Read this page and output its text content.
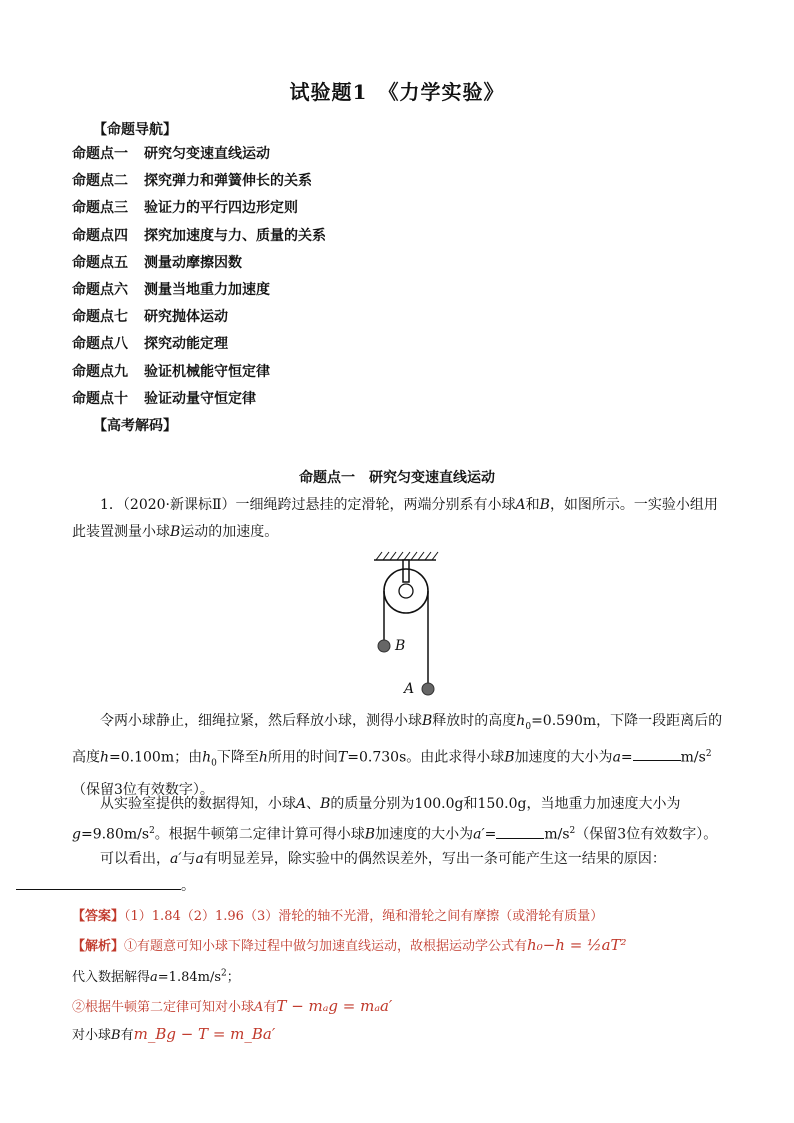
试验题1　《力学实验》
【命题导航】
命题点一 研究匀变速直线运动
命题点二 探究弹力和弹簧伸长的关系
命题点三 验证力的平行四边形定则
命题点四 探究加速度与力、质量的关系
命题点五 测量动摩擦因数
命题点六 测量当地重力加速度
命题点七 研究抛体运动
命题点八 探究动能定理
命题点九 验证机械能守恒定律
命题点十 验证动量守恒定律
【高考解码】
命题点一　研究匀变速直线运动
1．（2020·新课标Ⅱ）一细绳跨过悬挂的定滑轮，两端分别系有小球A和B，如图所示。一实验小组用此装置测量小球B运动的加速度。
B
A
令两小球静止，细绳拉紧，然后释放小球，测得小球B释放时的高度$h_0=0.590m$，下降一段距离后的高度h=0.100m；由$h_0$下降至h所用的时间T=0.730s。由此求得小球B加速度的大小为a=	$m/s^2$（保留3位有效数字）。
从实验室提供的数据得知，小球A、B的质量分别为100.0g和150.0g，当地重力加速度大小为$g=9.80m/s^2$。根据牛顿第二定律计算可得小球B加速度的大小为a′=	$m/s^2$（保留3位有效数字）。
可以看出，a′与a有明显差异，除实验中的偶然误差外，写出一条可能产生这一结果的原因：
。
【答案】（1）1.84（2）1.96（3）滑轮的轴不光滑，绳和滑轮之间有摩擦（或滑轮有质量）
【解析】①有题意可知小球下降过程中做匀加速直线运动，故根据运动学公式有h₀−h = ½aT²
代入数据解得$a=1.84m/s^2$；
②根据牛顿第二定律可知对小球A有T − mₐg = mₐa′
对小球B有m_Bg − T = m_Ba′
